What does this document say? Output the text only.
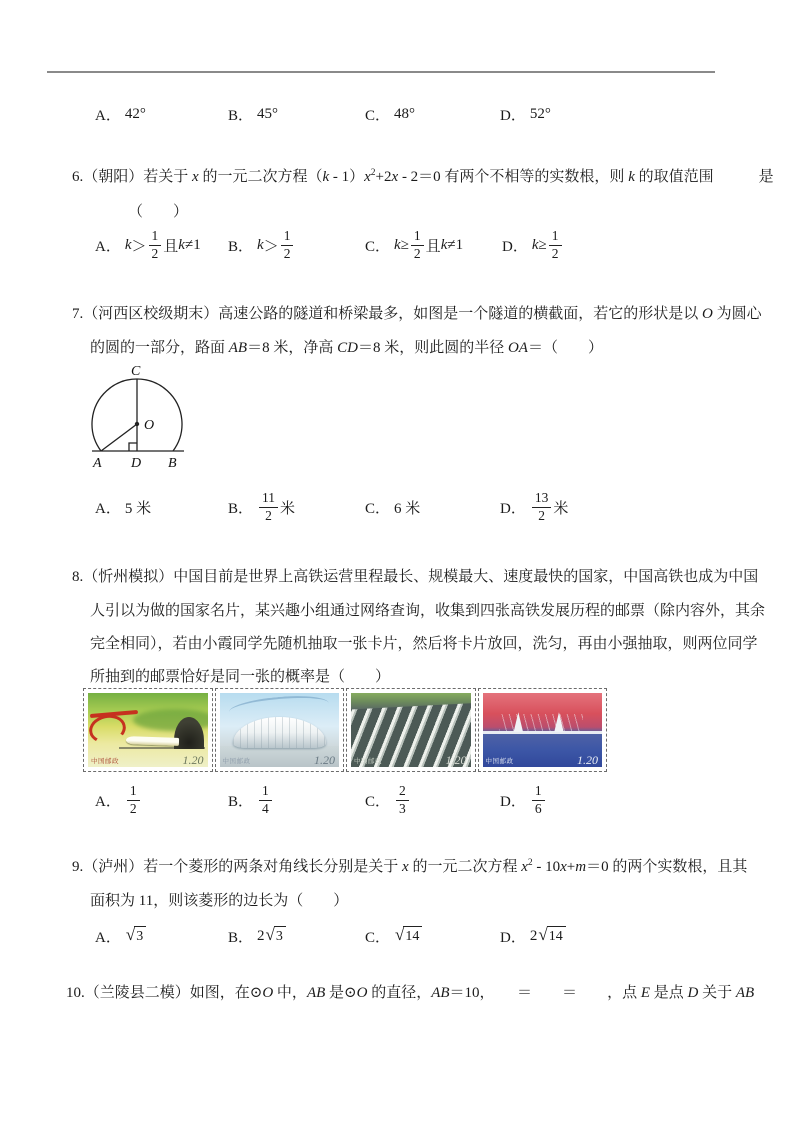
A． 42°	B． 45°	C． 48°	D． 52°
6.（朝阳）若关于 x 的一元二次方程$(k - 1)x^2+2x - 2=0$ 有两个不相等的实数根，则 k 的取值范围　　　是
（　　）
A． $k > \frac{1}{2}$ 且 k ≠1 B． $k > \frac{1}{2}$	C． $k \ge \frac{1}{2}$ 且 k ≠1	D． $k \ge \frac{1}{2}$
7.（河西区校级期末）高速公路的隧道和桥梁最多，如图是一个隧道的横截面，若它的形状是以 O 为圆心
的圆的一部分，路面 AB＝8 米，净高 CD＝8 米，则此圆的半径 OA＝（　　）
C
O
A D B
A． 5 米	B． $\frac{11}{2}$ 米	C． 6 米	D． $\frac{13}{2}$ 米
8.（忻州模拟）中国目前是世界上高铁运营里程最长、规模最大、速度最快的国家，中国高铁也成为中国
人引以为做的国家名片，某兴趣小组通过网络查询，收集到四张高铁发展历程的邮票（除内容外，其余
完全相同），若由小霞同学先随机抽取一张卡片，然后将卡片放回，洗匀，再由小强抽取，则两位同学
所抽到的邮票恰好是同一张的概率是（　　）
中国邮政	1.20	中国邮政	1.20	中国邮政	1.20	中国邮政	1.20
A． $\frac{1}{2}$	B． $\frac{1}{4}$	C． $\frac{2}{3}$	D． $\frac{1}{6}$
9.（泸州）若一个菱形的两条对角线长分别是关于 x 的一元二次方程 $x^2 - 10x+m=0$ 的两个实数根，且其
面积为 11，则该菱形的边长为（　　）
A． √ 3	B． 2 √ 3	C． √ 14	D． 2 √ 14
10.（兰陵县二模）如图，在⊙O 中，AB 是⊙O 的直径，AB＝10，　　＝　　＝　　，点 E 是点 D 关于 AB
